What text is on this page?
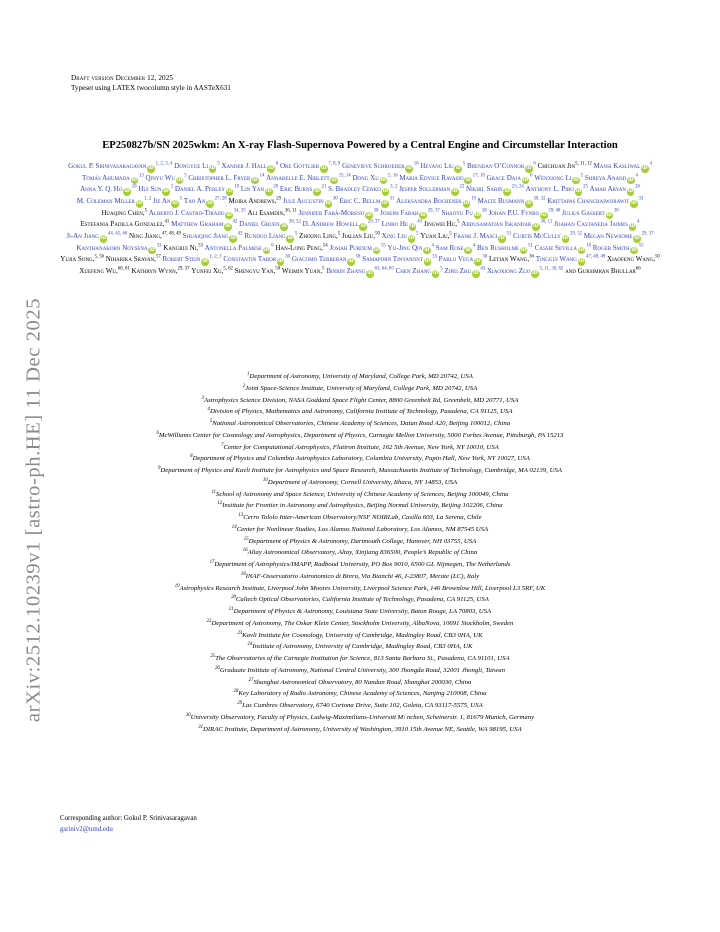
arXiv:2512.10239v1 [astro-ph.HE] 11 Dec 2025
Draft version December 12, 2025
Typeset using LATEX twocolumn style in AASTeX631
EP250827b/SN 2025wkm: An X-ray Flash-Supernova Powered by a Central Engine and Circumstellar Interaction
Gokul P. Srinivasaragavan iD$^{1, 2, 3, 4}$ Dongyue Li $iD^5$ Xander J. Hall $iD^6$ Ore Gottlieb iD$^{7, 8, 9}$ Genevieve Schroeder $iD^{10}$ Heyang Liu $iD^5$ Brendan O’Connor $iD^6$ Chichuan Jin$^{5, 11, 12}$ Mansi Kasliwal $iD^4$ Tomás Ahumada $iD^{13}$ Qinyu Wu $iD^5$ Christopher L. Fryer $iD^{14}$ Annabelle E. Niblett iD$^{15, 14}$ Dong Xu iD$^{5, 16}$ Maria Edvige Ravasio iD$^{17, 18}$ Grace Daja $iD^6$ Wenxiong Li $iD^5$ Shreya Anand $iD^4$ Anna Y. Q. Ho $iD^{10}$ Hui Sun $iD^5$ Daniel A. Perley $iD^{19}$ Lin Yan $iD^{20}$ Eric Burns $iD^{21}$ S. Bradley Cenko iD$^{3, 2}$ Jesper Sollerman $iD^{22}$ Nikhil Sarin iD$^{23, 24}$ Anthony L. Piro $iD^{25}$ Amar Aryan $iD^{26}$ M. Coleman Miller iD$^{1, 2}$ Jie An $iD^5$ Tao An iD$^{27, 28}$ Moira Andrews,$^{29}$ Jule Augustin $iD^{30}$ Eric C. Bellm $iD^{31}$ Aleksandra Bochenek $iD^{19}$ Malte Busmann iD$^{30, 32}$ Krittapas Chanchaiworawit $iD^{33}$ Huaqing Chen,$^5$ Alberto J. Castro-Tirado iD$^{34, 35}$ Ali Esamdin,$^{36, 11}$ Jennifer Fabà-Moreno $iD^{30}$ Joseph Farah iD$^{29, 37}$ Shaoyu Fu $iD^{38}$ Johan P.U. Fynbo iD$^{39, 40}$ Julius Gassert $iD^{30}$ Estefania Padilla Gonzalez,$^{41}$ Matthew Graham $iD^{42}$ Daniel Gruen iD$^{30, 32}$ D. Andrew Howell iD$^{29, 37}$ Linbo He $iD^{43}$ Jingwei Hu,$^5$ Abdusamatjan Iskandar iD$^{36, 11}$ Joahan Castaneda Jaimes $iD^4$ Ji-An Jiang iD$^{44, 45, 46}$ Ning Jiang,$^{47, 48, 49}$ Shuaiqing Jiang $iD^{43}$ Runduo Liang $iD^5$ Zhixing Ling,$^5$ Jialian Liu,$^{50}$ Xing Liu $iD^5$ Yuan Liu,$^5$ Frank J. Masci $iD^{51}$ Curtis McCully iD$^{29, 52}$ Megan Newsome iD$^{29, 37}$ Kanthanakorn Noysena $iD^{33}$ Kangrui Ni,$^{53}$ Antonella Palmese $iD^6$ Han-Long Peng,$^{54}$ Josiah Purdum $iD^{55}$ Yu-Jing Qin $iD^4$ Sam Rose $iD^4$ Ben Rusholme $iD^{51}$ Cassie Sevilla $iD^{10}$ Roger Smith $iD^{55}$ Yujia Song,$^{5, 56}$ Niharika Sravan,$^{57}$ Robert Stein iD$^{1, 2, 3}$ Constantin Tabor $iD^{30}$ Giacomo Terreran $iD^{58}$ Samaporn Tinyanont $iD^{33}$ Pablo Vega $iD^{30}$ Letian Wang,$^{36}$ Tinggui Wang iD$^{47, 48, 49}$ Xiaofeng Wang,$^{50}$ Xuefeng Wu,$^{60, 61}$ Kathryn Wynn,$^{29, 37}$ Yunfei Xu,$^{5, 62}$ Shengyu Yan,$^{50}$ Weimin Yuan,$^5$ Binbin Zhang iD$^{63, 64, 65}$ Chen Zhang $iD^5$ Zipei Zhu $iD^{43}$ Xiaoxiong Zuo iD$^{5, 11, 30, 62}$ and Gursimran Bhullar$^{66}$
$^1$Department of Astronomy, University of Maryland, College Park, MD 20742, USA
$^2$Joint Space-Science Institute, University of Maryland, College Park, MD 20742, USA
$^3$Astrophysics Science Division, NASA Goddard Space Flight Center, 8800 Greenbelt Rd, Greenbelt, MD 20771, USA
$^4$Division of Physics, Mathematics and Astronomy, California Institute of Technology, Pasadena, CA 91125, USA
$^5$National Astronomical Observatories, Chinese Academy of Sciences, Datun Road A20, Beijing 100012, China
$^6$McWilliams Center for Cosmology and Astrophysics, Department of Physics, Carnegie Mellon University, 5000 Forbes Avenue, Pittsburgh, PA 15213
$^7$Center for Computational Astrophysics, Flatiron Institute, 162 5th Avenue, New York, NY 10010, USA
$^8$Department of Physics and Columbia Astrophysics Laboratory, Columbia University, Pupin Hall, New York, NY 10027, USA
$^9$Department of Physics and Kavli Institute for Astrophysics and Space Research, Massachusetts Institute of Technology, Cambridge, MA 02139, USA
$^{10}$Department of Astronomy, Cornell University, Ithaca, NY 14853, USA
$^{11}$School of Astronomy and Space Science, University of Chinese Academy of Sciences, Beijing 100049, China
$^{12}$Institute for Frontier in Astronomy and Astrophysics, Beijing Normal University, Beijing 102206, China
$^{13}$Cerro Tololo Inter-American Observatory/NSF NOIRLab, Casilla 603, La Serena, Chile
$^{14}$Center for Nonlinear Studies, Los Alamos National Laboratory, Los Alamos, NM 87545 USA
$^{15}$Department of Physics & Astronomy, Dartmouth College, Hanover, NH 03755, USA
$^{16}$Altay Astronomical Observatory, Altay, Xinjiang 836500, People’s Republic of China
$^{17}$Department of Astrophysics/IMAPP, Radboud University, PO Box 9010, 6500 GL Nijmegen, The Netherlands
$^{18}$INAF-Osservatorio Astronomico di Brera, Via Bianchi 46, I-23807, Merate (LC), Italy
$^{19}$Astrophysics Research Institute, Liverpool John Moores University, Liverpool Science Park, 146 Brownlow Hill, Liverpool L3 5RF, UK
$^{20}$Caltech Optical Observatories, California Institute of Technology, Pasadena, CA 91125, USA
$^{21}$Department of Physics & Astronomy, Louisiana State University, Baton Rouge, LA 70803, USA
$^{22}$Department of Astronomy, The Oskar Klein Center, Stockholm University, AlbaNova, 10691 Stockholm, Sweden
$^{23}$Kavli Institute for Cosmology, University of Cambridge, Madingley Road, CB3 0HA, UK
$^{24}$Institute of Astronomy, University of Cambridge, Madingley Road, CB3 0HA, UK
$^{25}$The Observatories of the Carnegie Institution for Science, 813 Santa Barbara St., Pasadena, CA 91101, USA
$^{26}$Graduate Institute of Astronomy, National Central University, 300 Jhongda Road, 32001 Jhongli, Taiwan
$^{27}$Shanghai Astronomical Observatory, 80 Nandan Road, Shanghai 200030, China
$^{28}$Key Laboratory of Radio Astronomy, Chinese Academy of Sciences, Nanjing 210008, China
$^{29}$Las Cumbres Observatory, 6740 Cortona Drive, Suite 102, Goleta, CA 93117-5575, USA
$^{30}$University Observatory, Faculty of Physics, Ludwig-Maximilians-Universitt M\ nchen, Scheinerstr. 1, 81679 Munich, Germany
$^{31}$DIRAC Institute, Department of Astronomy, University of Washington, 3910 15th Avenue NE, Seattle, WA 98195, USA
Corresponding author: Gokul P. Srinivasaragavan
gsriniv2@umd.edu
